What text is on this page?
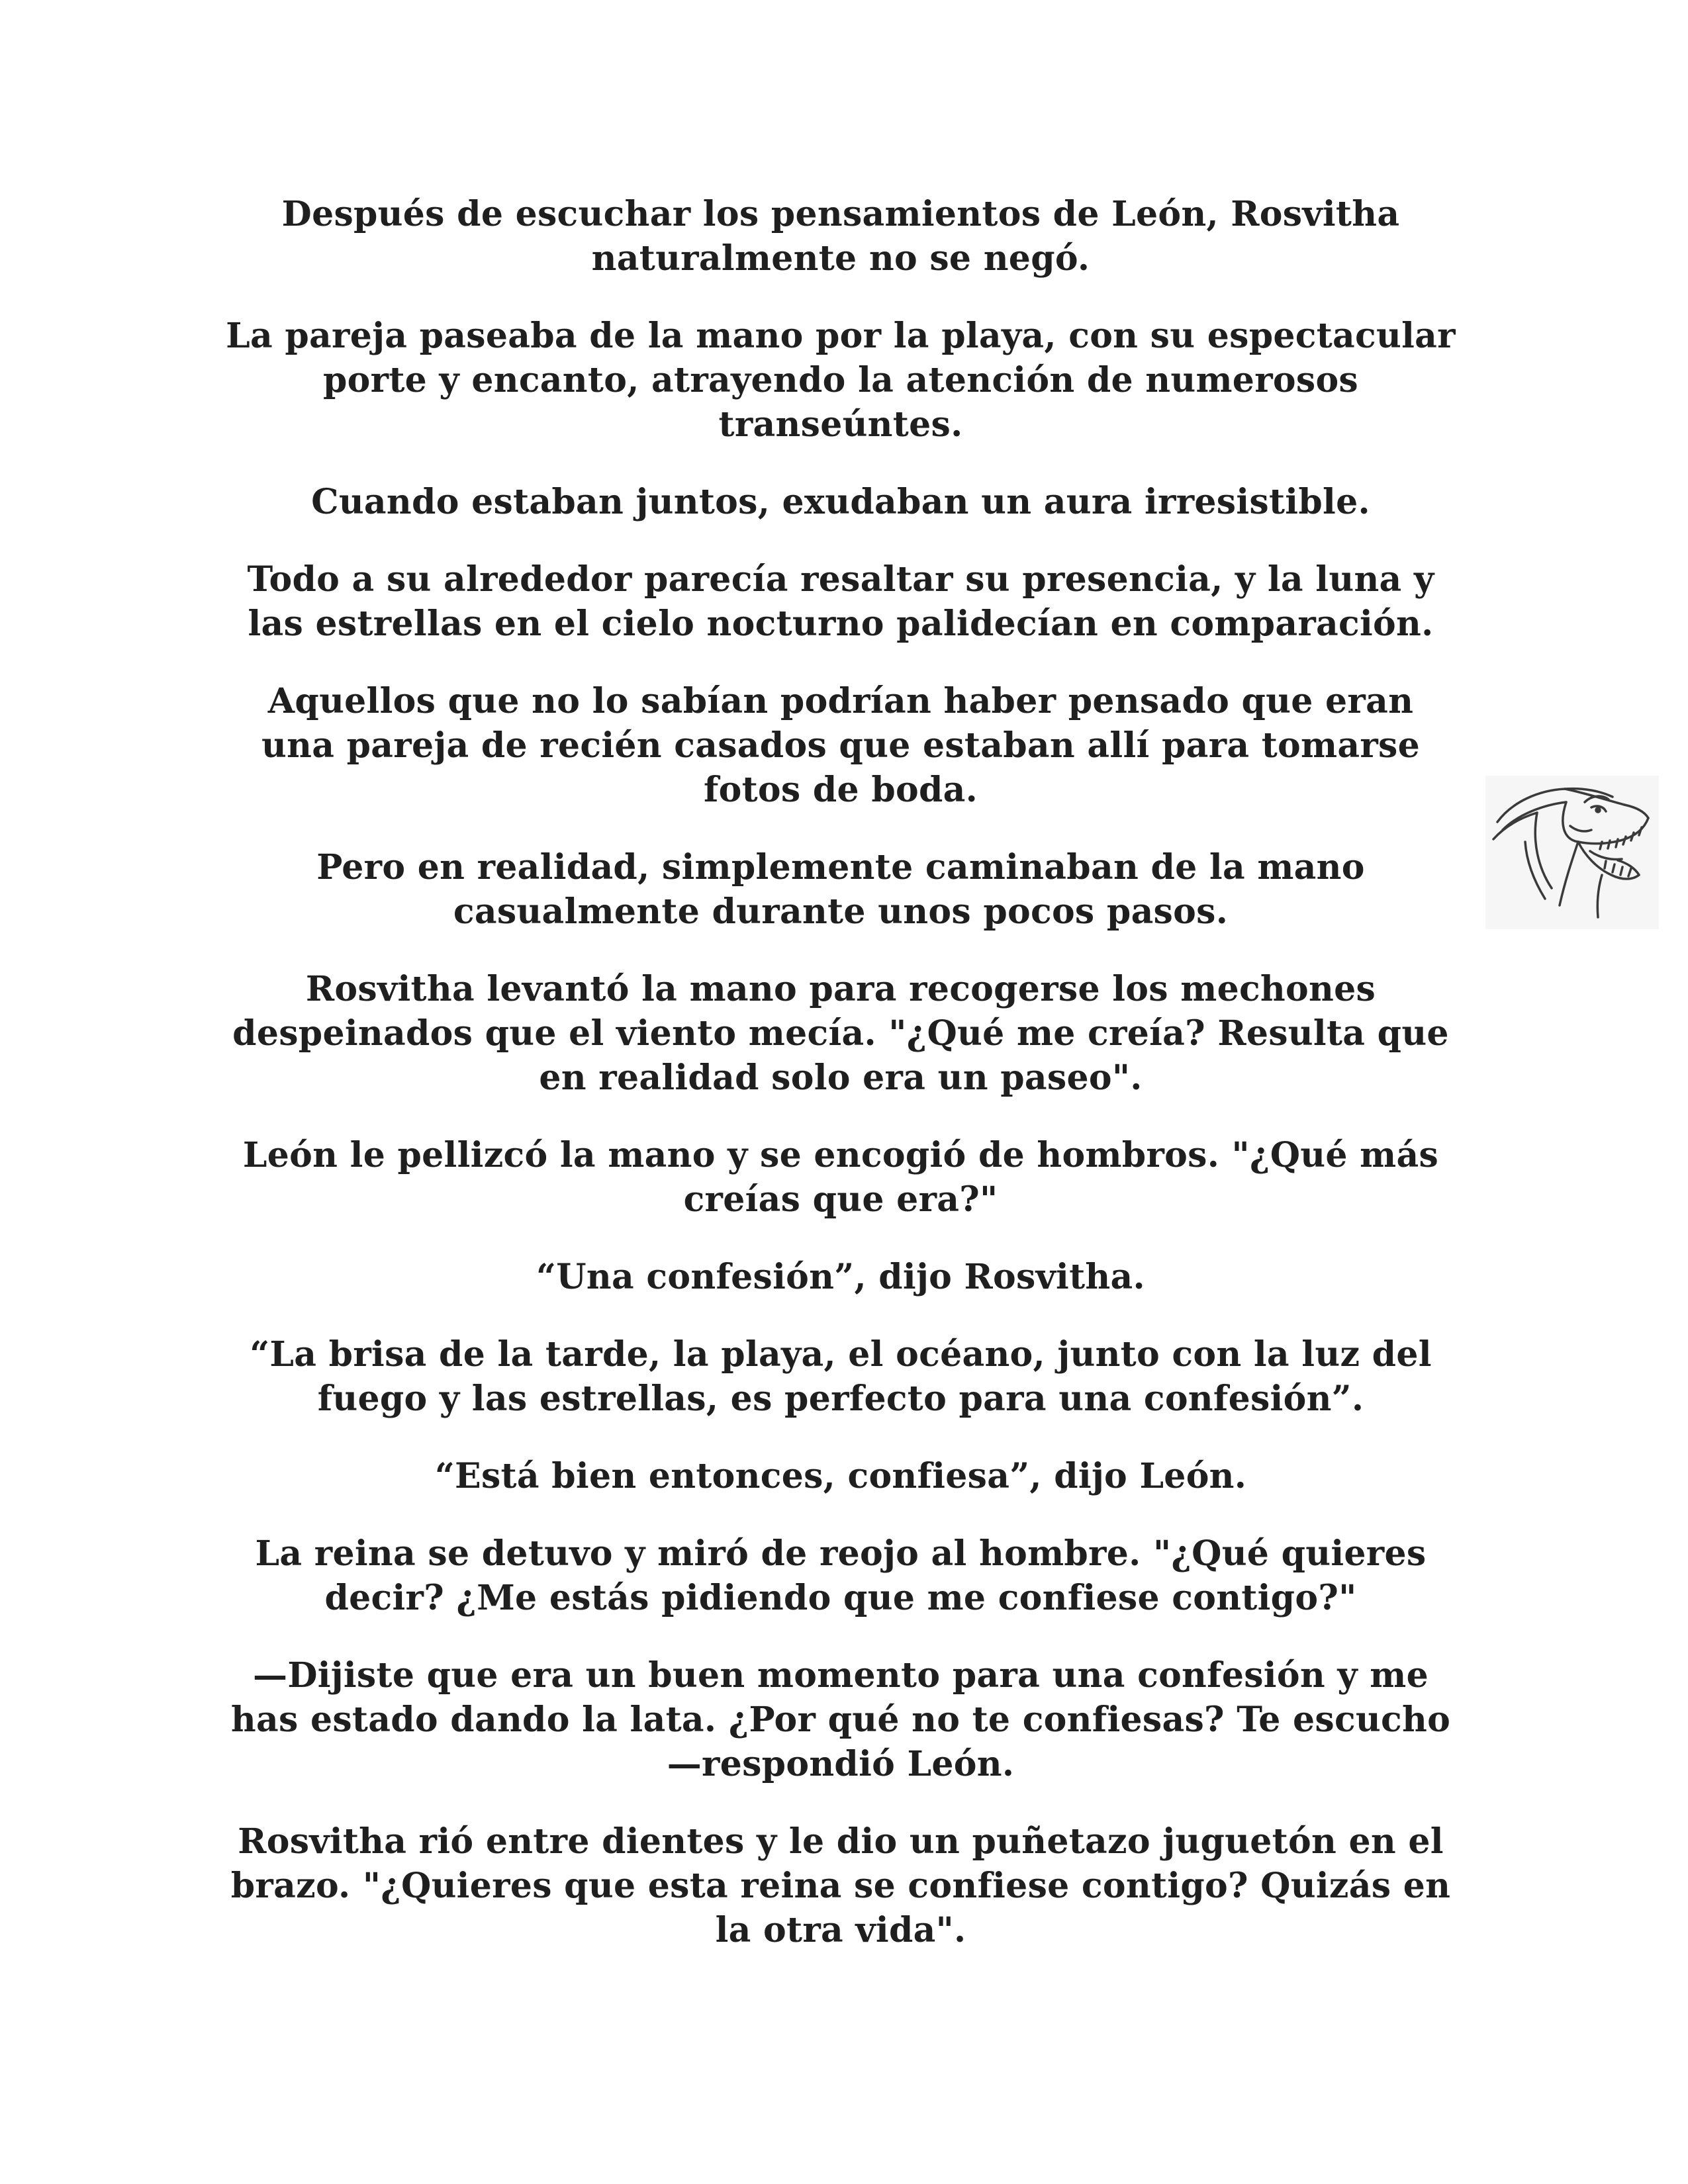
Después de escuchar los pensamientos de León, Rosvitha
naturalmente no se negó.

La pareja paseaba de la mano por la playa, con su espectacular
porte y encanto, atrayendo la atención de numerosos
transeúntes.

Cuando estaban juntos, exudaban un aura irresistible.

Todo a su alrededor parecía resaltar su presencia, y la luna y
las estrellas en el cielo nocturno palidecían en comparación.

Aquellos que no lo sabían podrían haber pensado que eran
una pareja de recién casados que estaban allí para tomarse
fotos de boda.

Pero en realidad, simplemente caminaban de la mano
casualmente durante unos pocos pasos.

Rosvitha levantó la mano para recogerse los mechones
despeinados que el viento mecía. "¿Qué me creía? Resulta que
en realidad solo era un paseo".

León le pellizcó la mano y se encogió de hombros. "¿Qué más
creías que era?"

“Una confesión”, dijo Rosvitha.

“La brisa de la tarde, la playa, el océano, junto con la luz del
fuego y las estrellas, es perfecto para una confesión”.

“Está bien entonces, confiesa”, dijo León.

La reina se detuvo y miró de reojo al hombre. "¿Qué quieres
decir? ¿Me estás pidiendo que me confiese contigo?"

—Dijiste que era un buen momento para una confesión y me
has estado dando la lata. ¿Por qué no te confiesas? Te escucho
—respondió León.

Rosvitha rió entre dientes y le dio un puñetazo juguetón en el
brazo. "¿Quieres que esta reina se confiese contigo? Quizás en
la otra vida".
